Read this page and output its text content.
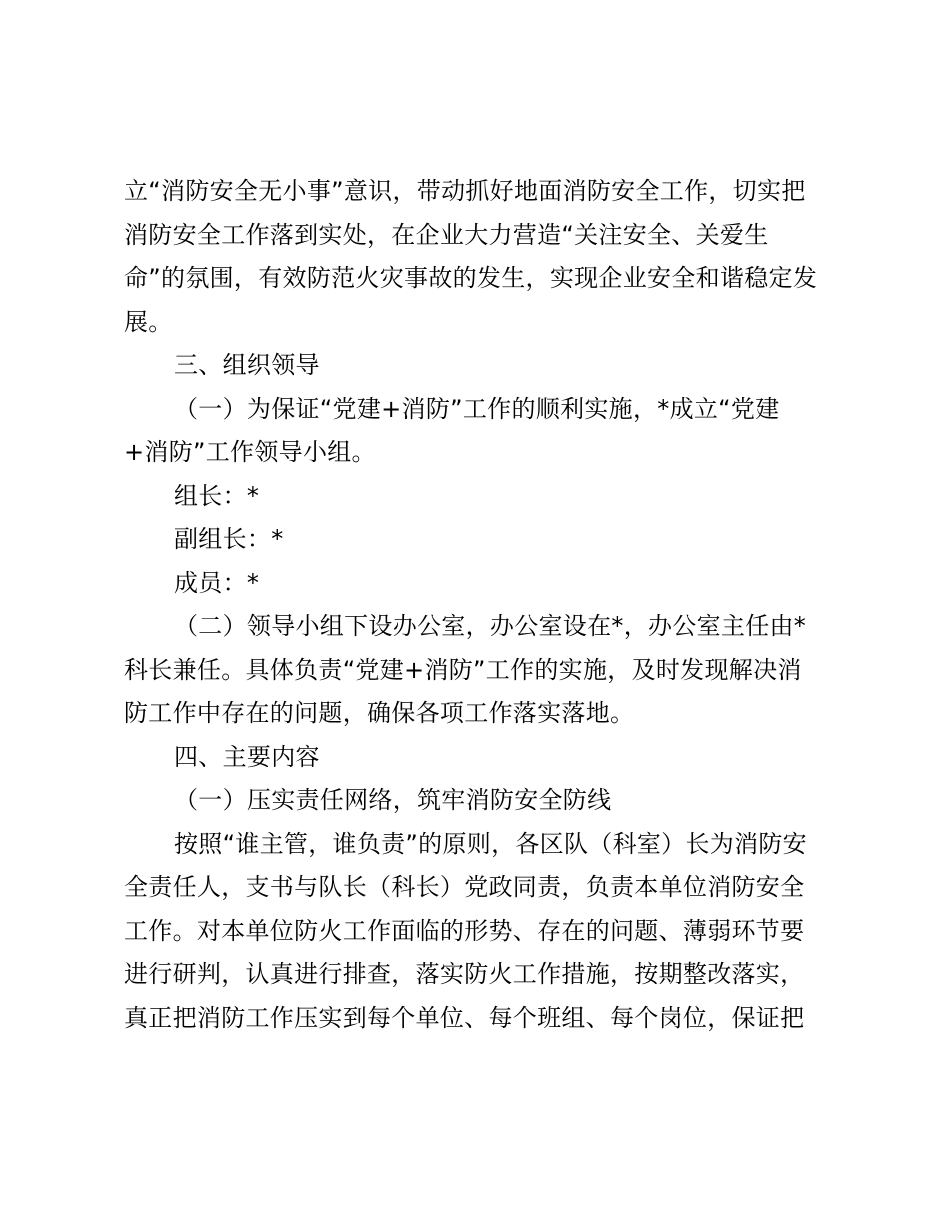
立“消防安全无小事”意识，带动抓好地面消防安全工作，切实把

消防安全工作落到实处，在企业大力营造“关注安全、关爱生

命”的氛围，有效防范火灾事故的发生，实现企业安全和谐稳定发

展。

三、组织领导

（一）为保证“党建+消防”工作的顺利实施，*成立“党建

+消防”工作领导小组。

组长：*

副组长：*

成员：*

（二）领导小组下设办公室，办公室设在*，办公室主任由*

科长兼任。具体负责“党建+消防”工作的实施，及时发现解决消

防工作中存在的问题，确保各项工作落实落地。

四、主要内容

（一）压实责任网络，筑牢消防安全防线

按照“谁主管，谁负责”的原则，各区队（科室）长为消防安

全责任人，支书与队长（科长）党政同责，负责本单位消防安全

工作。对本单位防火工作面临的形势、存在的问题、薄弱环节要

进行研判，认真进行排查，落实防火工作措施，按期整改落实，

真正把消防工作压实到每个单位、每个班组、每个岗位，保证把
